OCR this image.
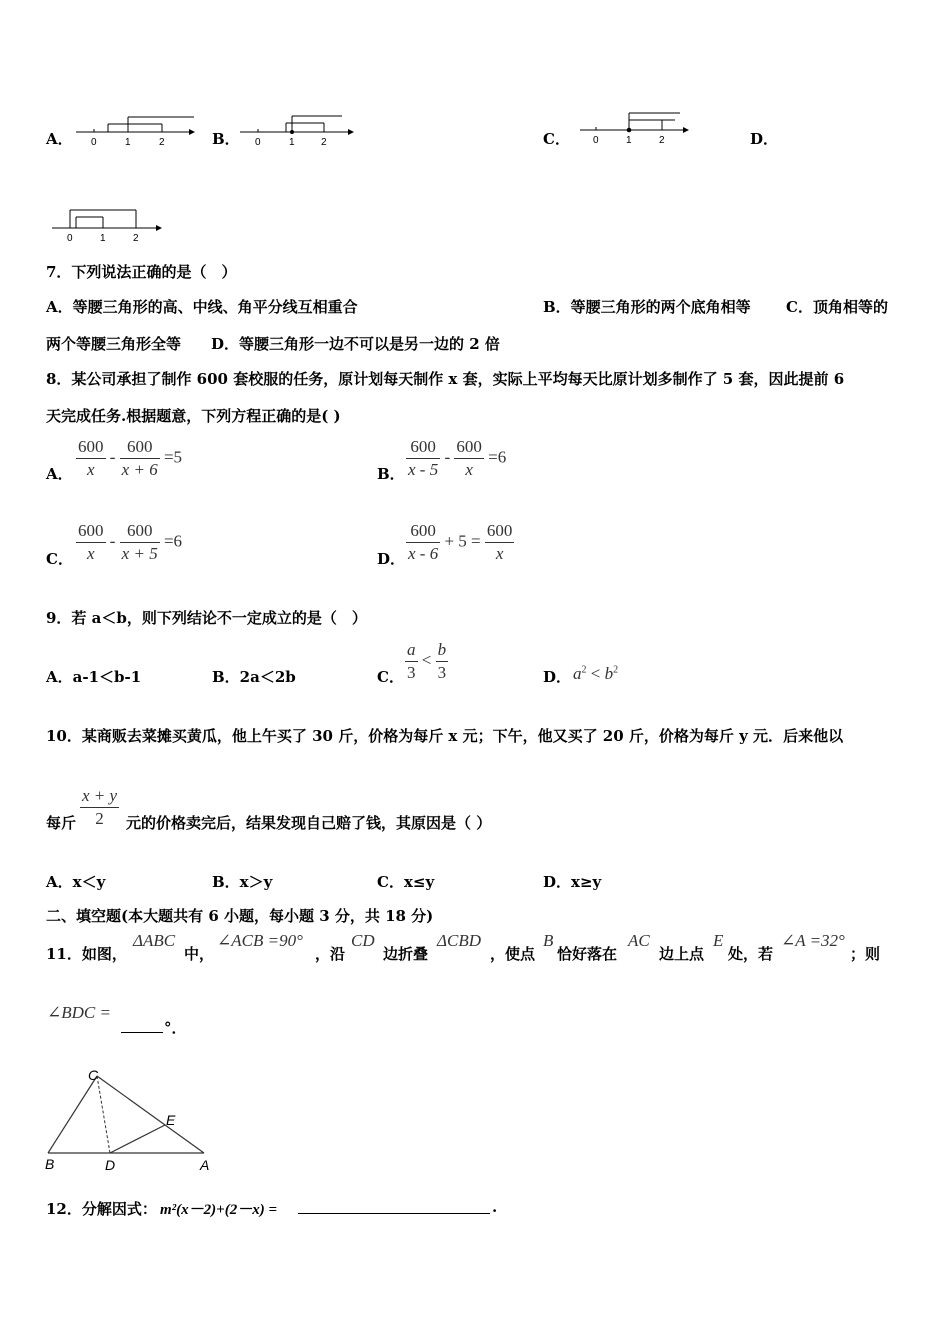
A． 0	1	2	B． 0	1	2	C． 0	1	2	D．
0	1	2
7．下列说法正确的是（　）
A．等腰三角形的高、中线、角平分线互相重合	B．等腰三角形的两个底角相等 C．顶角相等的
两个等腰三角形全等 D．等腰三角形一边不可以是另一边的 2 倍
8．某公司承担了制作 600 套校服的任务，原计划每天制作 x 套，实际上平均每天比原计划多制作了 5 套，因此提前 6
天完成任务.根据题意，下列方程正确的是( )
A． $\frac{600}{x} - \frac{600}{x + 6} =5$
B． $\frac{600}{x - 5} - \frac{600}{x} =6$
C． $\frac{600}{x} - \frac{600}{x + 5} =6$
D． $\frac{600}{x - 6} + 5 = \frac{600}{x}$
9．若 a＜b，则下列结论不一定成立的是（　）
A．a-1＜b-1	B．2a＜2b	C． $\frac{a}{3} < \frac{b}{3}$	D． $a^2 < b^2$
10．某商贩去菜摊买黄瓜，他上午买了 30 斤，价格为每斤 x 元；下午，他又买了 20 斤，价格为每斤 y 元．后来他以
每斤 $\frac{x + y}{2}$ 元的价格卖完后，结果发现自己赔了钱，其原因是（ ）
A．x＜y	B．x＞y	C．x≤y	D．x≥y
二、填空题(本大题共有 6 小题，每小题 3 分，共 18 分)
11．如图，
ΔABC
中，
∠ACB =90°
，沿
CD
边折叠
ΔCBD
，使点
B
恰好落在
AC
边上点
E
处，若
∠A =32°
；则
∠BDC =
°．
C
E
B	D	A
12．分解因式： m²(x－2)+(2－x) =	.
